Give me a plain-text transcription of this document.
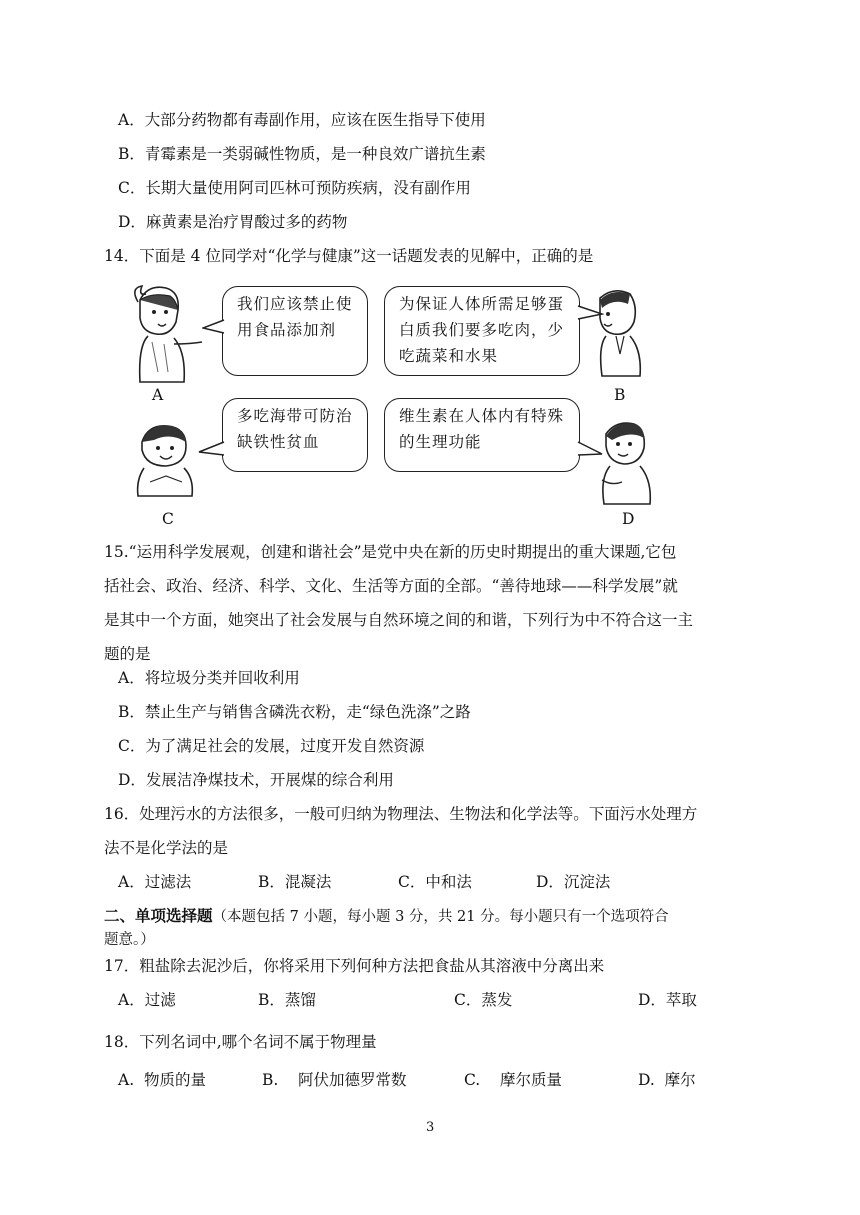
A．大部分药物都有毒副作用，应该在医生指导下使用
B．青霉素是一类弱碱性物质，是一种良效广谱抗生素
C．长期大量使用阿司匹林可预防疾病，没有副作用
D．麻黄素是治疗胃酸过多的药物
14．下面是 4 位同学对“化学与健康”这一话题发表的见解中，正确的是
我们应该禁止使用食品添加剂
为保证人体所需足够蛋白质我们要多吃肉，少吃蔬菜和水果
A	B
多吃海带可防治缺铁性贫血
维生素在人体内有特殊的生理功能
C	D
15.“运用科学发展观，创建和谐社会”是党中央在新的历史时期提出的重大课题,它包
括社会、政治、经济、科学、文化、生活等方面的全部。“善待地球——科学发展”就
是其中一个方面，她突出了社会发展与自然环境之间的和谐，下列行为中不符合这一主
题的是
A．将垃圾分类并回收利用
B．禁止生产与销售含磷洗衣粉，走“绿色洗涤”之路
C．为了满足社会的发展，过度开发自然资源
D．发展洁净煤技术，开展煤的综合利用
16．处理污水的方法很多，一般可归纳为物理法、生物法和化学法等。下面污水处理方
法不是化学法的是
A．过滤法	B．混凝法	C．中和法	D．沉淀法
二、单项选择题（本题包括 7 小题，每小题 3 分，共 21 分。每小题只有一个选项符合
题意。）
17．粗盐除去泥沙后，你将采用下列何种方法把食盐从其溶液中分离出来
A．过滤	B．蒸馏	C．蒸发	D．萃取
18．下列名词中,哪个名词不属于物理量
A.  物质的量	B.    阿伏加德罗常数	C.    摩尔质量	D.  摩尔
3
